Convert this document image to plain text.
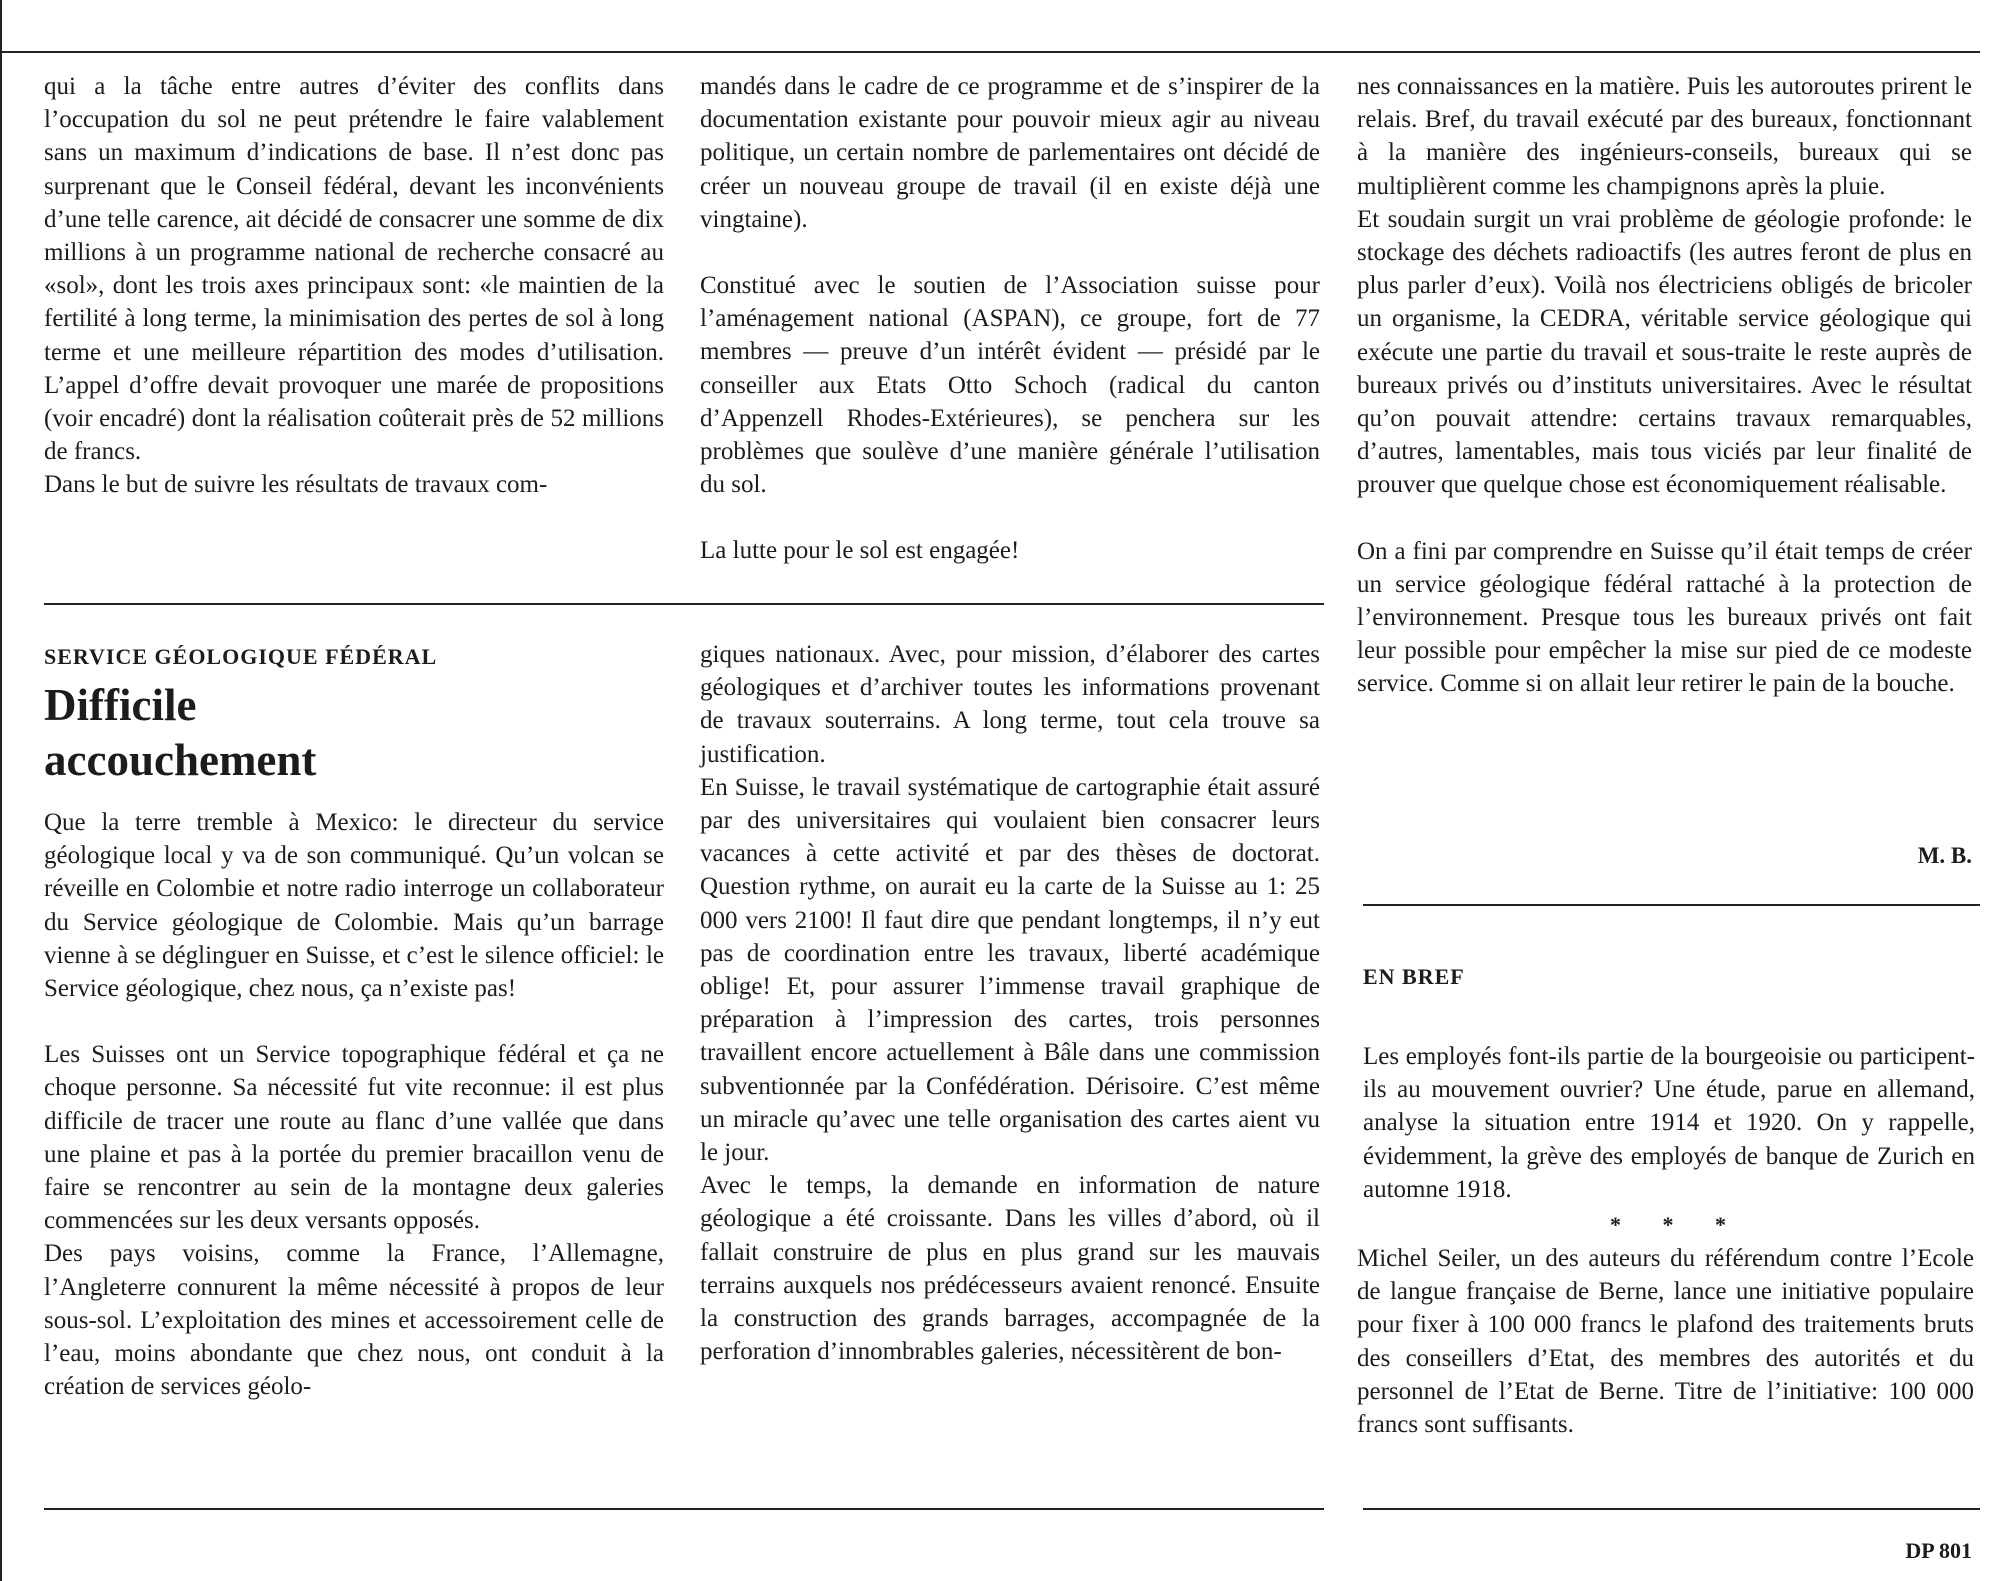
qui a la tâche entre autres d’éviter des conflits dans l’occupation du sol ne peut prétendre le faire valablement sans un maximum d’indications de base. Il n’est donc pas surprenant que le Conseil fédéral, devant les inconvénients d’une telle carence, ait décidé de consacrer une somme de dix millions à un programme national de recherche consacré au «sol», dont les trois axes principaux sont: «le maintien de la fertilité à long terme, la minimisation des pertes de sol à long terme et une meilleure répartition des modes d’utilisation. L’appel d’offre devait provoquer une marée de propositions (voir encadré) dont la réalisation coûterait près de 52 millions de francs.

Dans le but de suivre les résultats de travaux com-

mandés dans le cadre de ce programme et de s’inspirer de la documentation existante pour pouvoir mieux agir au niveau politique, un certain nombre de parlementaires ont décidé de créer un nouveau groupe de travail (il en existe déjà une vingtaine).

Constitué avec le soutien de l’Association suisse pour l’aménagement national (ASPAN), ce groupe, fort de 77 membres — preuve d’un intérêt évident — présidé par le conseiller aux Etats Otto Schoch (radical du canton d’Appenzell Rhodes-Extérieures), se penchera sur les problèmes que soulève d’une manière générale l’utilisation du sol.

La lutte pour le sol est engagée!

SERVICE GÉOLOGIQUE FÉDÉRAL

Difficile
accouchement

Que la terre tremble à Mexico: le directeur du service géologique local y va de son communiqué. Qu’un volcan se réveille en Colombie et notre radio interroge un collaborateur du Service géologique de Colombie. Mais qu’un barrage vienne à se déglinguer en Suisse, et c’est le silence officiel: le Service géologique, chez nous, ça n’existe pas!

Les Suisses ont un Service topographique fédéral et ça ne choque personne. Sa nécessité fut vite reconnue: il est plus difficile de tracer une route au flanc d’une vallée que dans une plaine et pas à la portée du premier bracaillon venu de faire se rencontrer au sein de la montagne deux galeries commencées sur les deux versants opposés.

Des pays voisins, comme la France, l’Allemagne, l’Angleterre connurent la même nécessité à propos de leur sous-sol. L’exploitation des mines et accessoirement celle de l’eau, moins abondante que chez nous, ont conduit à la création de services géolo-

giques nationaux. Avec, pour mission, d’élaborer des cartes géologiques et d’archiver toutes les informations provenant de travaux souterrains. A long terme, tout cela trouve sa justification.

En Suisse, le travail systématique de cartographie était assuré par des universitaires qui voulaient bien consacrer leurs vacances à cette activité et par des thèses de doctorat. Question rythme, on aurait eu la carte de la Suisse au 1: 25 000 vers 2100! Il faut dire que pendant longtemps, il n’y eut pas de coordination entre les travaux, liberté académique oblige! Et, pour assurer l’immense travail graphique de préparation à l’impression des cartes, trois personnes travaillent encore actuellement à Bâle dans une commission subventionnée par la Confédération. Dérisoire. C’est même un miracle qu’avec une telle organisation des cartes aient vu le jour.

Avec le temps, la demande en information de nature géologique a été croissante. Dans les villes d’abord, où il fallait construire de plus en plus grand sur les mauvais terrains auxquels nos prédécesseurs avaient renoncé. Ensuite la construction des grands barrages, accompagnée de la perforation d’innombrables galeries, nécessitèrent de bon-

nes connaissances en la matière. Puis les autoroutes prirent le relais. Bref, du travail exécuté par des bureaux, fonctionnant à la manière des ingénieurs-conseils, bureaux qui se multiplièrent comme les champignons après la pluie.

Et soudain surgit un vrai problème de géologie profonde: le stockage des déchets radioactifs (les autres feront de plus en plus parler d’eux). Voilà nos électriciens obligés de bricoler un organisme, la CEDRA, véritable service géologique qui exécute une partie du travail et sous-traite le reste auprès de bureaux privés ou d’instituts universitaires. Avec le résultat qu’on pouvait attendre: certains travaux remarquables, d’autres, lamentables, mais tous viciés par leur finalité de prouver que quelque chose est économiquement réalisable.

On a fini par comprendre en Suisse qu’il était temps de créer un service géologique fédéral rattaché à la protection de l’environnement. Presque tous les bureaux privés ont fait leur possible pour empêcher la mise sur pied de ce modeste service. Comme si on allait leur retirer le pain de la bouche.

M. B.

EN BREF

Les employés font-ils partie de la bourgeoisie ou participent-ils au mouvement ouvrier? Une étude, parue en allemand, analyse la situation entre 1914 et 1920. On y rappelle, évidemment, la grève des employés de banque de Zurich en automne 1918.

* * *

Michel Seiler, un des auteurs du référendum contre l’Ecole de langue française de Berne, lance une initiative populaire pour fixer à 100 000 francs le plafond des traitements bruts des conseillers d’Etat, des membres des autorités et du personnel de l’Etat de Berne. Titre de l’initiative: 100 000 francs sont suffisants.

DP 801
